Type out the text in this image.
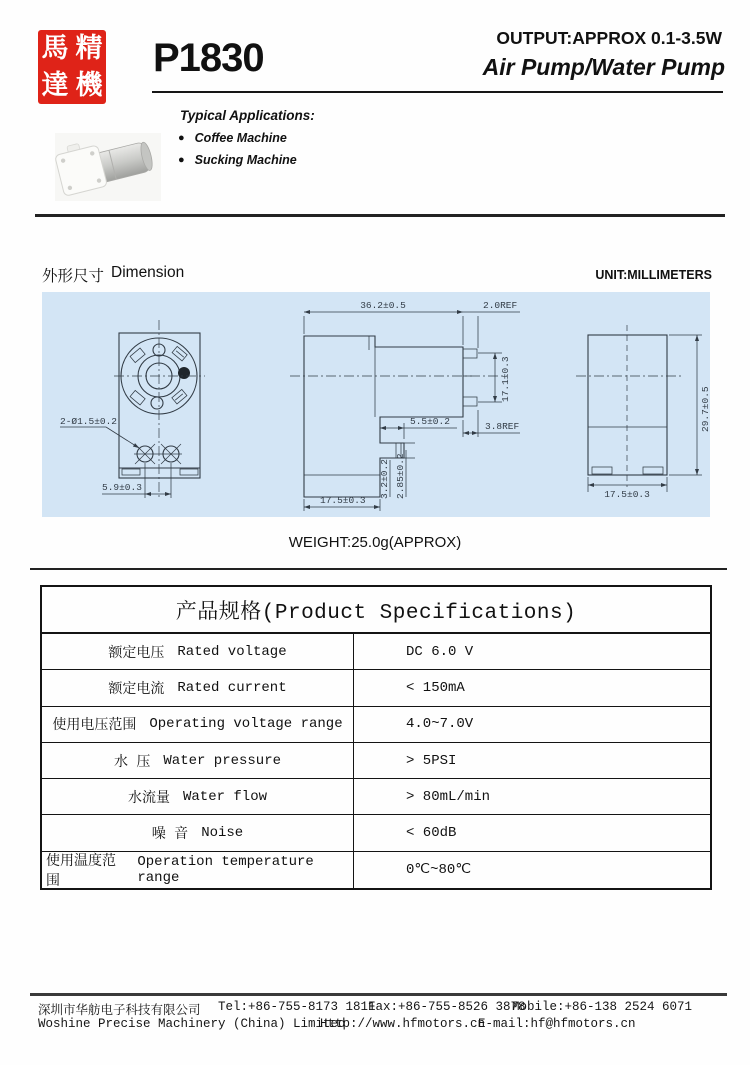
馬 精
達 機
P1830	OUTPUT:APPROX 0.1-3.5W
Air Pump/Water Pump
Typical Applications:
● Coffee Machine
● Sucking Machine
外形尺寸 Dimension	UNIT:MILLIMETERS
2-Ø1.5±0.2
5.9±0.3
36.2±0.5	2.0REF
17.1±0.3
5.5±0.2	3.8REF
3.2±0.2 2.85±0.2
17.5±0.3
29.7±0.5
17.5±0.3
WEIGHT:25.0g(APPROX)
产品规格(Product Specifications)
额定电压 Rated voltage	DC 6.0 V
额定电流 Rated current	< 150mA
使用电压范围 Operating voltage range	4.0~7.0V
水 压 Water pressure	> 5PSI
水流量 Water flow	> 80mL/min
噪 音 Noise	< 60dB
使用温度范围
Operation temperature range	0℃~80℃
深圳市华舫电子科技有限公司 Tel:+86-755-8173 1811
Fax:+86-755-8526 3878
Mobile:+86-138 2524 6071
Woshine Precise Machinery (China) Limited
Http://www.hfmotors.cn
E-mail:hf@hfmotors.cn
